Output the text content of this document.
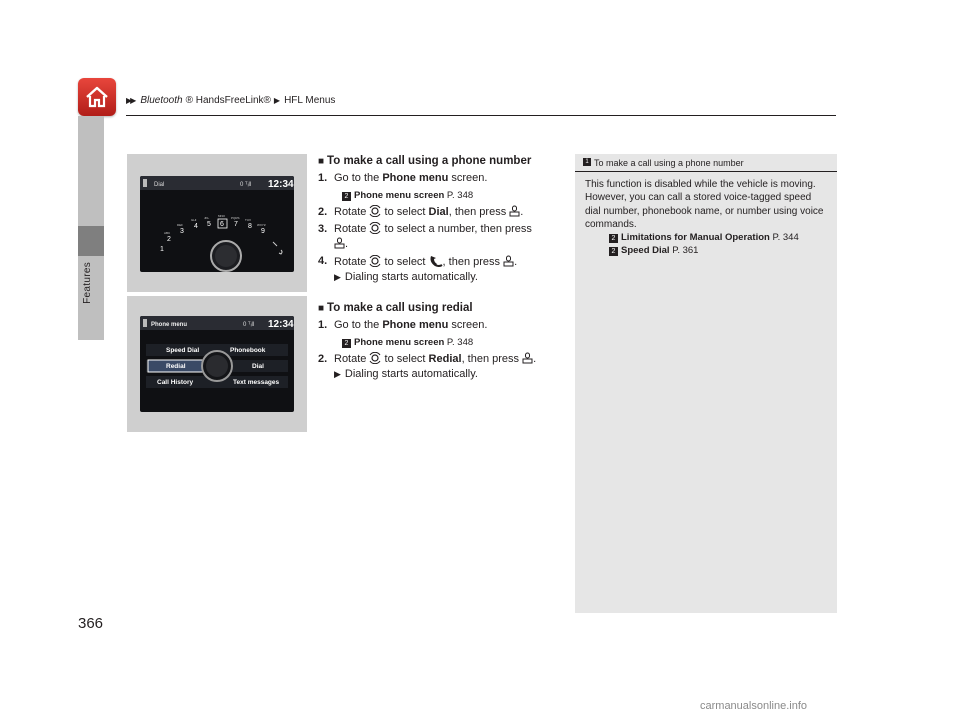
▶▶ Bluetooth ® HandsFreeLink® ▶ HFL Menus
Features
Dial	0 ᵀᵢll 12:34
1
2
3
4 5 6 7 8
9
ABC
DEF
GHI	JKL	MNO PQRS TUV
WXYZ
Phone menu	0 ᵀᵢll 12:34
Speed Dial	Phonebook
Redial	Dial
Call History	Text messages
■ To make a call using a phone number
1. Go to the Phone menu screen.
2 Phone menu screen P. 348
2. Rotate  to select Dial, then press .
3. Rotate  to select a number, then press
.
4. Rotate  to select , then press .
▶ Dialing starts automatically.
■ To make a call using redial
1. Go to the Phone menu screen.
2 Phone menu screen P. 348
2. Rotate  to select Redial, then press .
▶ Dialing starts automatically.
1 To make a call using a phone number
This function is disabled while the vehicle is moving. However, you can call a stored voice-tagged speed dial number, phonebook name, or number using voice commands.
2 Limitations for Manual Operation P. 344
2 Speed Dial P. 361
366
carmanualsonline.info
